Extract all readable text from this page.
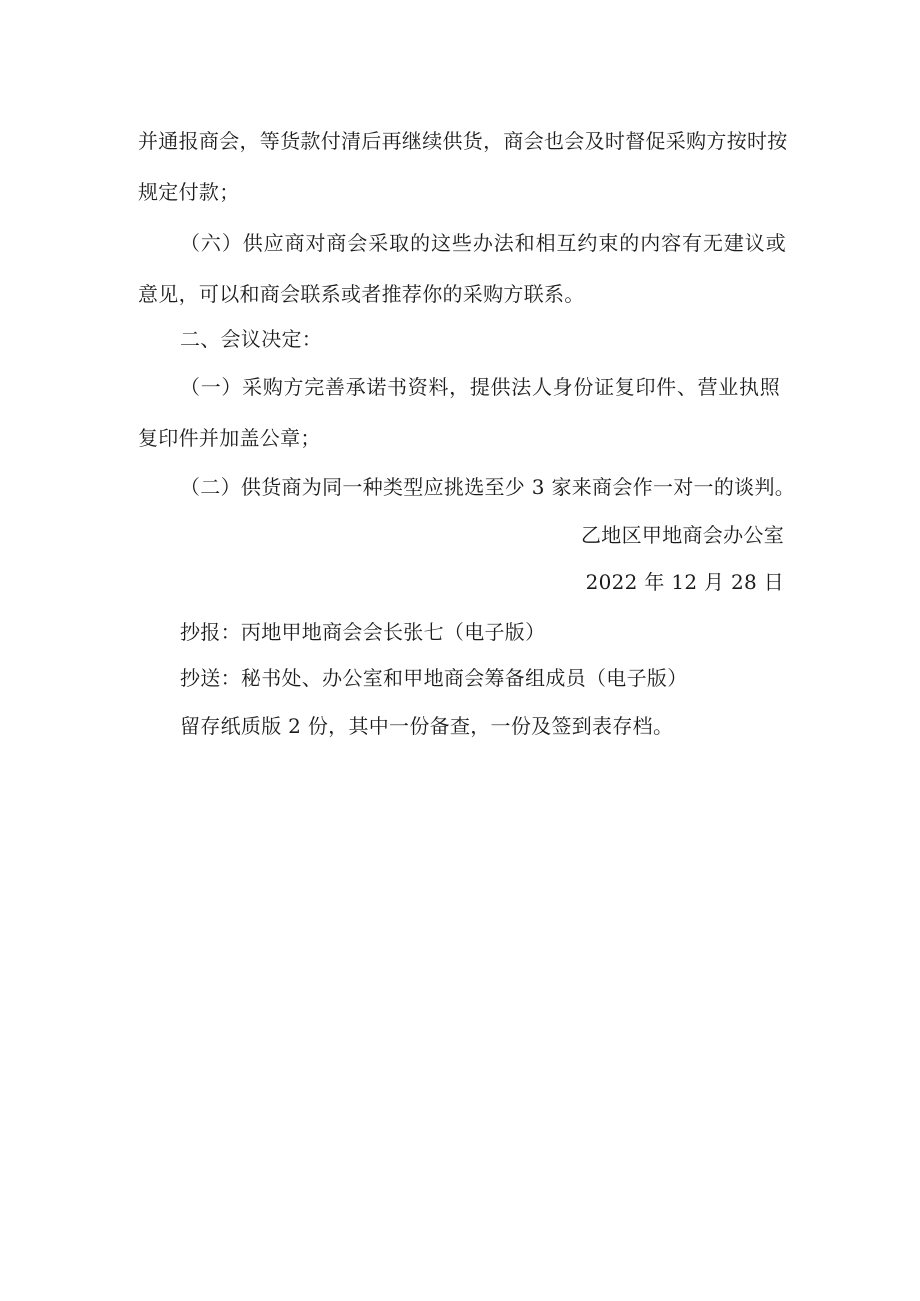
并通报商会，等货款付清后再继续供货，商会也会及时督促采购方按时按
规定付款；
（六）供应商对商会采取的这些办法和相互约束的内容有无建议或
意见，可以和商会联系或者推荐你的采购方联系。
二、会议决定：
（一）采购方完善承诺书资料，提供法人身份证复印件、营业执照
复印件并加盖公章；
（二）供货商为同一种类型应挑选至少 3 家来商会作一对一的谈判。
乙地区甲地商会办公室
2022 年 12 月 28 日
抄报：丙地甲地商会会长张七（电子版）
抄送：秘书处、办公室和甲地商会筹备组成员（电子版）
留存纸质版 2 份，其中一份备查，一份及签到表存档。
